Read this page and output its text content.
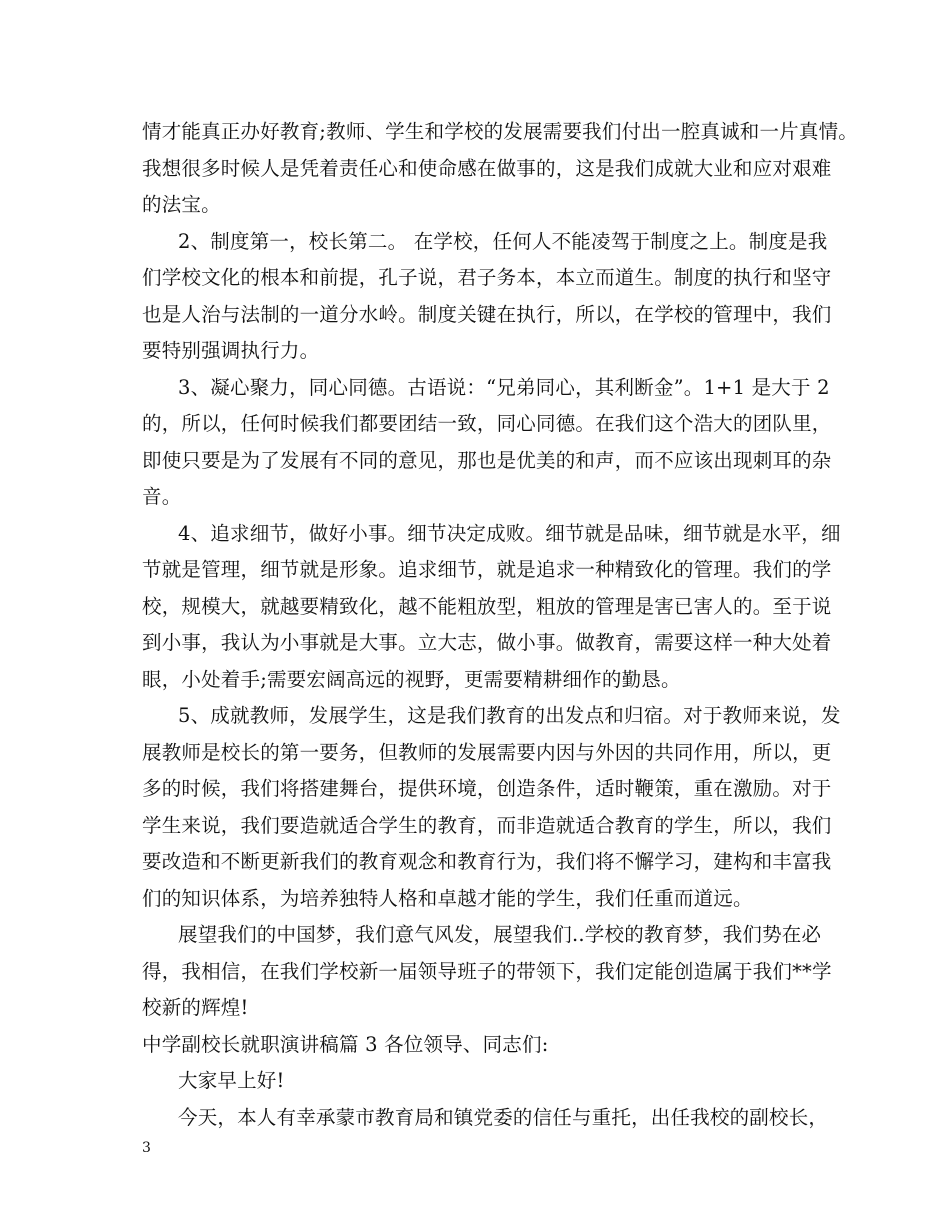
情才能真正办好教育;教师、学生和学校的发展需要我们付出一腔真诚和一片真情。
我想很多时候人是凭着责任心和使命感在做事的，这是我们成就大业和应对艰难
的法宝。
2、制度第一，校长第二。 在学校，任何人不能凌驾于制度之上。制度是我
们学校文化的根本和前提，孔子说，君子务本，本立而道生。制度的执行和坚守
也是人治与法制的一道分水岭。制度关键在执行，所以，在学校的管理中，我们
要特别强调执行力。
3、凝心聚力，同心同德。古语说：“兄弟同心，其利断金”。1+1 是大于 2
的，所以，任何时候我们都要团结一致，同心同德。在我们这个浩大的团队里，
即使只要是为了发展有不同的意见，那也是优美的和声，而不应该出现刺耳的杂
音。
4、追求细节，做好小事。细节决定成败。细节就是品味，细节就是水平，细
节就是管理，细节就是形象。追求细节，就是追求一种精致化的管理。我们的学
校，规模大，就越要精致化，越不能粗放型，粗放的管理是害已害人的。至于说
到小事，我认为小事就是大事。立大志，做小事。做教育，需要这样一种大处着
眼，小处着手;需要宏阔高远的视野，更需要精耕细作的勤恳。
5、成就教师，发展学生，这是我们教育的出发点和归宿。对于教师来说，发
展教师是校长的第一要务，但教师的发展需要内因与外因的共同作用，所以，更
多的时候，我们将搭建舞台，提供环境，创造条件，适时鞭策，重在激励。对于
学生来说，我们要造就适合学生的教育，而非造就适合教育的学生，所以，我们
要改造和不断更新我们的教育观念和教育行为，我们将不懈学习，建构和丰富我
们的知识体系，为培养独特人格和卓越才能的学生，我们任重而道远。
展望我们的中国梦，我们意气风发，展望我们..学校的教育梦，我们势在必
得，我相信，在我们学校新一届领导班子的带领下，我们定能创造属于我们**学
校新的辉煌!
中学副校长就职演讲稿篇 3 各位领导、同志们:
大家早上好!
今天，本人有幸承蒙市教育局和镇党委的信任与重托，出任我校的副校长，
3
